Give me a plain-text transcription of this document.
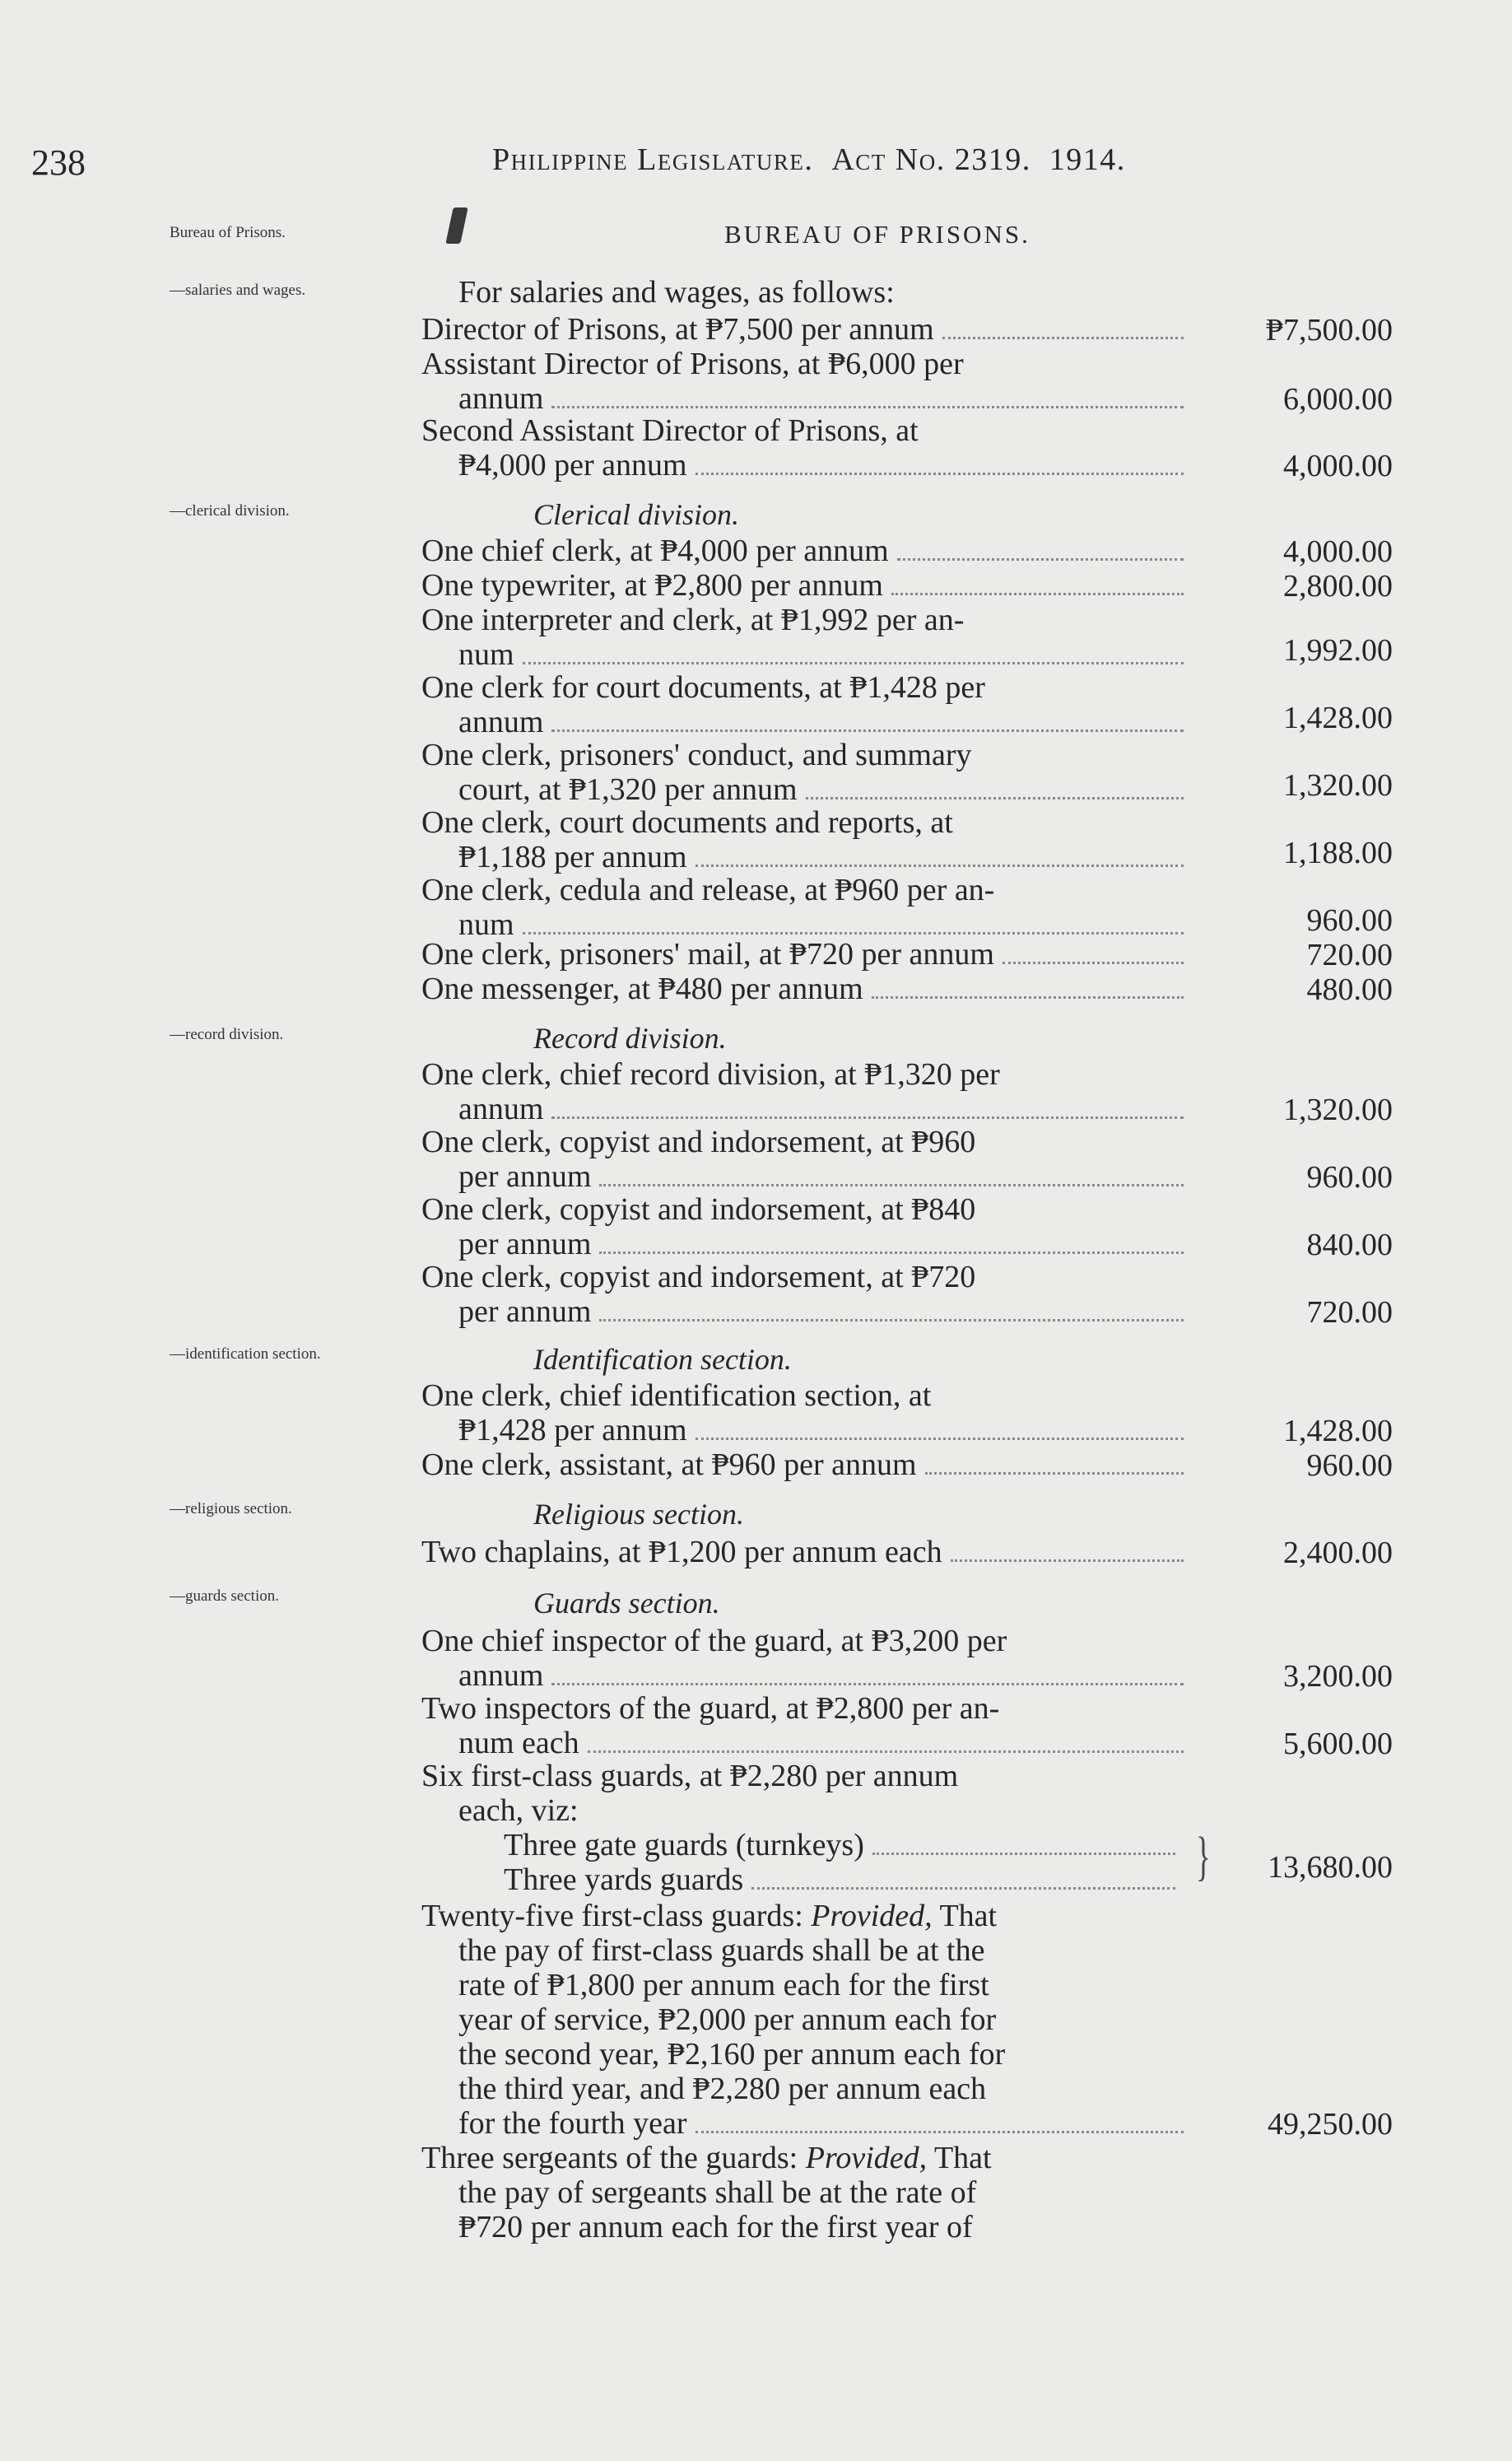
238	Philippine Legislature. Act No. 2319. 1914.
Bureau of Prisons.
—salaries and wages.
—clerical division.
—record division.
—identification section.
—religious section.
—guards section.
BUREAU OF PRISONS.
For salaries and wages, as follows:
Director of Prisons, at ₱7,500 per annum	₱7,500.00
Assistant Director of Prisons, at ₱6,000 per
annum	6,000.00
Second Assistant Director of Prisons, at
₱4,000 per annum	4,000.00
Clerical division.
One chief clerk, at ₱4,000 per annum	4,000.00
One typewriter, at ₱2,800 per annum	2,800.00
One interpreter and clerk, at ₱1,992 per an-
num	1,992.00
One clerk for court documents, at ₱1,428 per
annum	1,428.00
One clerk, prisoners' conduct, and summary
court, at ₱1,320 per annum	1,320.00
One clerk, court documents and reports, at
₱1,188 per annum	1,188.00
One clerk, cedula and release, at ₱960 per an-
num	960.00
One clerk, prisoners' mail, at ₱720 per annum	720.00
One messenger, at ₱480 per annum	480.00
Record division.
One clerk, chief record division, at ₱1,320 per
annum	1,320.00
One clerk, copyist and indorsement, at ₱960
per annum	960.00
One clerk, copyist and indorsement, at ₱840
per annum	840.00
One clerk, copyist and indorsement, at ₱720
per annum	720.00
Identification section.
One clerk, chief identification section, at
₱1,428 per annum	1,428.00
One clerk, assistant, at ₱960 per annum	960.00
Religious section.
Two chaplains, at ₱1,200 per annum each	2,400.00
Guards section.
One chief inspector of the guard, at ₱3,200 per
annum	3,200.00
Two inspectors of the guard, at ₱2,800 per an-
num each	5,600.00
Six first-class guards, at ₱2,280 per annum
each, viz:
Three gate guards (turnkeys)
Three yards guards	}	13,680.00
Twenty-five first-class guards: Provided, That
the pay of first-class guards shall be at the
rate of ₱1,800 per annum each for the first
year of service, ₱2,000 per annum each for
the second year, ₱2,160 per annum each for
the third year, and ₱2,280 per annum each
for the fourth year	49,250.00
Three sergeants of the guards: Provided, That
the pay of sergeants shall be at the rate of
₱720 per annum each for the first year of
